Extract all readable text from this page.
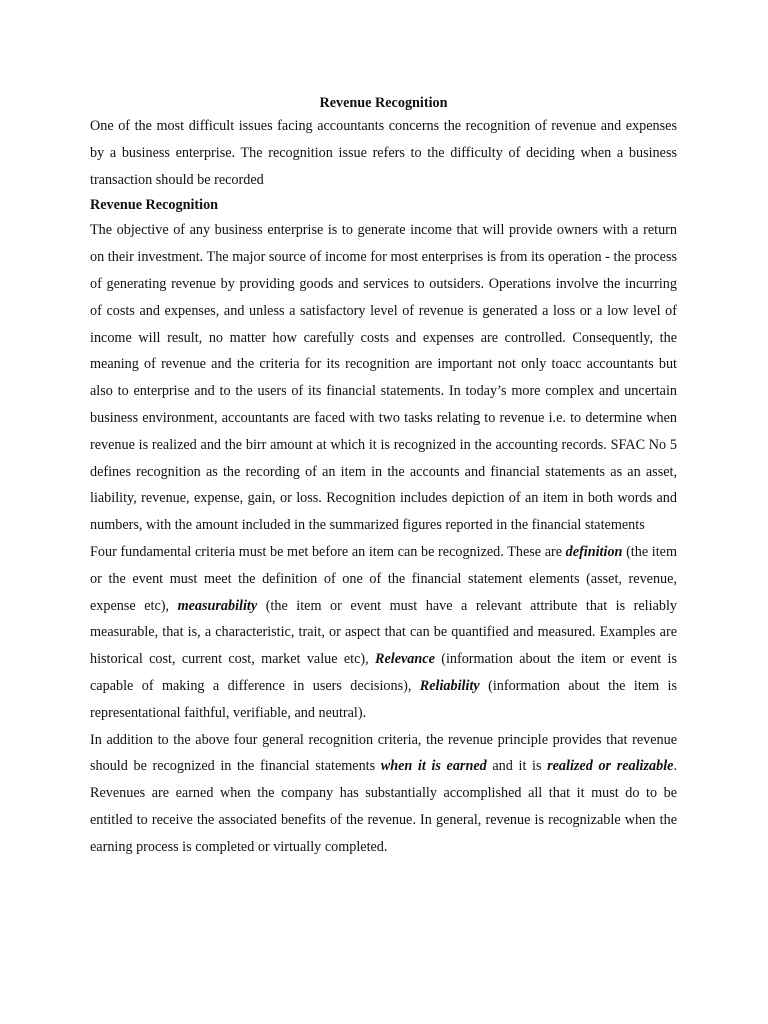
Revenue Recognition

One of the most difficult issues facing accountants concerns the recognition of revenue and expenses by a business enterprise. The recognition issue refers to the difficulty of deciding when a business transaction should be recorded

Revenue Recognition

The objective of any business enterprise is to generate income that will provide owners with a return on their investment. The major source of income for most enterprises is from its operation - the process of generating revenue by providing goods and services to outsiders. Operations involve the incurring of costs and expenses, and unless a satisfactory level of revenue is generated a loss or a low level of income will result, no matter how carefully costs and expenses are controlled. Consequently, the meaning of revenue and the criteria for its recognition are important not only toacc accountants but also to enterprise and to the users of its financial statements. In today’s more complex and uncertain business environment, accountants are faced with two tasks relating to revenue i.e. to determine when revenue is realized and the birr amount at which it is recognized in the accounting records. SFAC No 5 defines recognition as the recording of an item in the accounts and financial statements as an asset, liability, revenue, expense, gain, or loss. Recognition includes depiction of an item in both words and numbers, with the amount included in the summarized figures reported in the financial statements

Four fundamental criteria must be met before an item can be recognized. These are definition (the item or the event must meet the definition of one of the financial statement elements (asset, revenue, expense etc), measurability (the item or event must have a relevant attribute that is reliably measurable, that is, a characteristic, trait, or aspect that can be quantified and measured. Examples are historical cost, current cost, market value etc), Relevance (information about the item or event is capable of making a difference in users decisions), Reliability (information about the item is representational faithful, verifiable, and neutral).

In addition to the above four general recognition criteria, the revenue principle provides that revenue should be recognized in the financial statements when it is earned and it is realized or realizable. Revenues are earned when the company has substantially accomplished all that it must do to be entitled to receive the associated benefits of the revenue. In general, revenue is recognizable when the earning process is completed or virtually completed.
